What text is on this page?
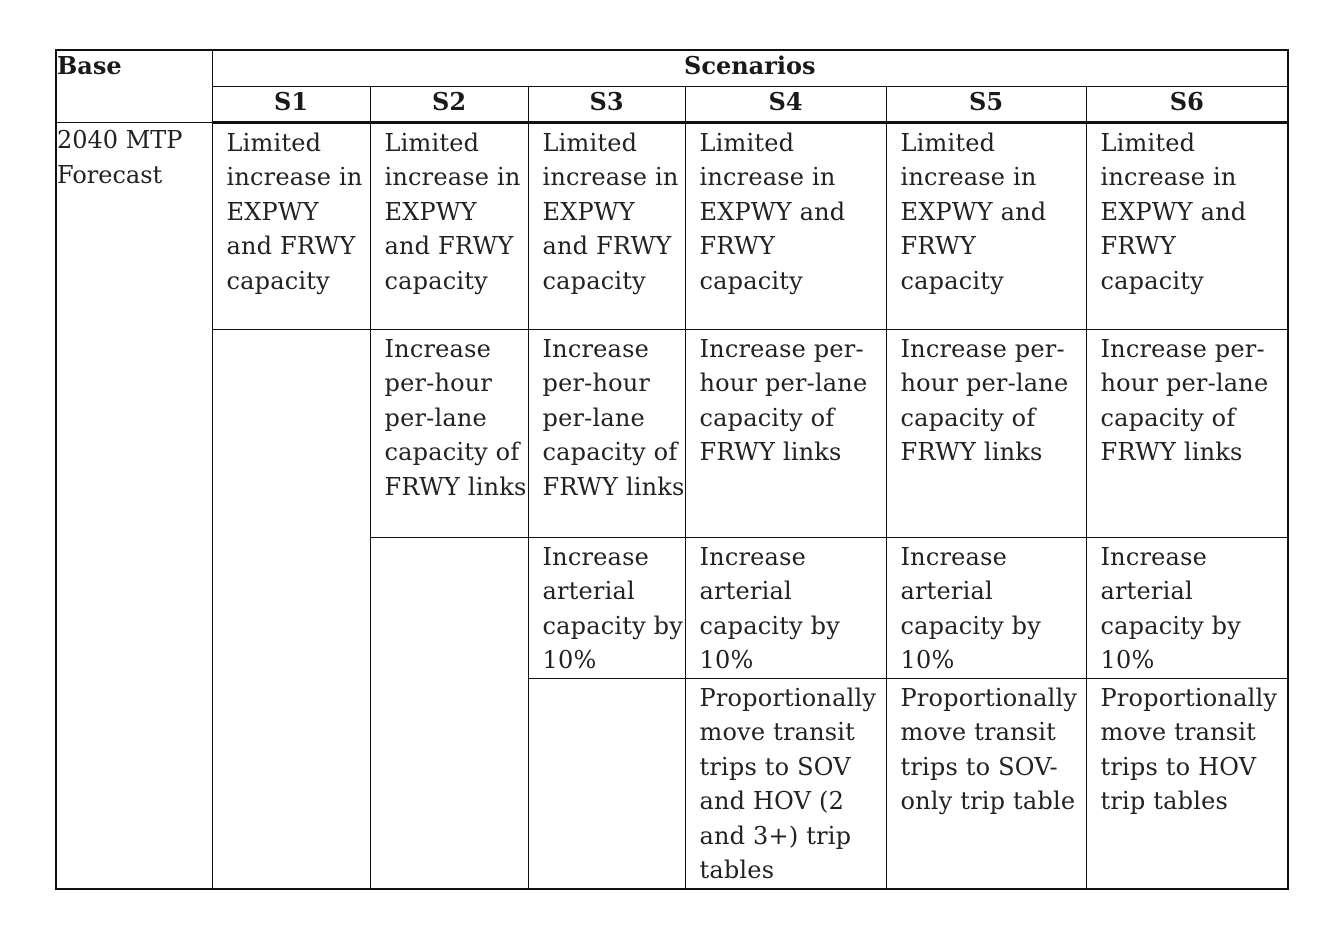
Base	Scenarios					
	S1	S2	S3	S4	S5	S6
2040 MTP Forecast	Limited increase in EXPWY and FRWY capacity	Limited increase in EXPWY and FRWY capacity	Limited increase in EXPWY and FRWY capacity	Limited increase in EXPWY and FRWY capacity	Limited increase in EXPWY and FRWY capacity	Limited increase in EXPWY and FRWY capacity

		Increase per-hour per-lane capacity of FRWY links	Increase per-hour per-lane capacity of FRWY links	Increase per-hour per-lane capacity of FRWY links	Increase per-hour per-lane capacity of FRWY links	Increase per-hour per-lane capacity of FRWY links

			Increase arterial capacity by 10%	Increase arterial capacity by 10%	Increase arterial capacity by 10%	Increase arterial capacity by 10%

				Proportionally move transit trips to SOV and HOV (2 and 3+) trip tables	Proportionally move transit trips to SOV-only trip table	Proportionally move transit trips to HOV trip tables
